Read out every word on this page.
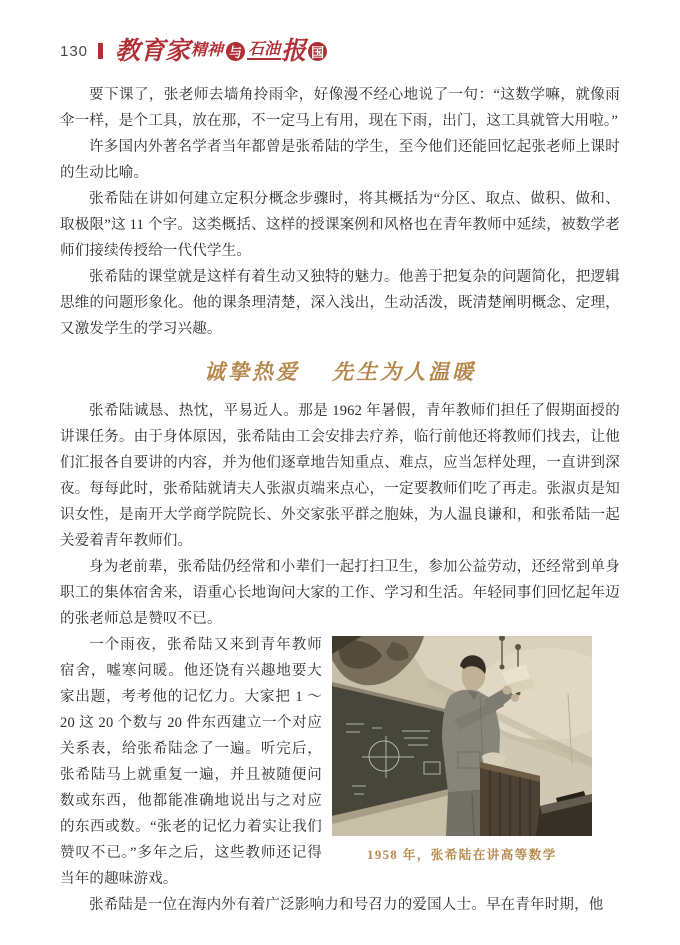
130 教育家 精神 与 石油 报 国

要下课了，张老师去墙角拎雨伞，好像漫不经心地说了一句：“这数学嘛，就像雨伞一样，是个工具，放在那，不一定马上有用，现在下雨，出门，这工具就管大用啦。”

许多国内外著名学者当年都曾是张希陆的学生，至今他们还能回忆起张老师上课时的生动比喻。

张希陆在讲如何建立定积分概念步骤时，将其概括为“分区、取点、做积、做和、取极限”这 11 个字。这类概括、这样的授课案例和风格也在青年教师中延续，被数学老师们接续传授给一代代学生。

张希陆的课堂就是这样有着生动又独特的魅力。他善于把复杂的问题简化，把逻辑思维的问题形象化。他的课条理清楚，深入浅出，生动活泼，既清楚阐明概念、定理，又激发学生的学习兴趣。

诚挚热爱　 先生为人温暖

张希陆诚恳、热忱，平易近人。那是 1962 年暑假，青年教师们担任了假期面授的讲课任务。由于身体原因，张希陆由工会安排去疗养，临行前他还将教师们找去，让他们汇报各自要讲的内容，并为他们逐章地告知重点、难点，应当怎样处理，一直讲到深夜。每每此时，张希陆就请夫人张淑贞端来点心，一定要教师们吃了再走。张淑贞是知识女性，是南开大学商学院院长、外交家张平群之胞妹，为人温良谦和，和张希陆一起关爱着青年教师们。

身为老前辈，张希陆仍经常和小辈们一起打扫卫生，参加公益劳动，还经常到单身职工的集体宿舍来，语重心长地询问大家的工作、学习和生活。年轻同事们回忆起年迈的张老师总是赞叹不已。

1958 年，张希陆在讲高等数学

一个雨夜，张希陆又来到青年教师宿舍，嘘寒问暖。他还饶有兴趣地要大家出题，考考他的记忆力。大家把 1 ～ 20 这 20 个数与 20 件东西建立一个对应关系表，给张希陆念了一遍。听完后，张希陆马上就重复一遍，并且被随便问数或东西，他都能准确地说出与之对应的东西或数。“张老的记忆力着实让我们赞叹不已。”多年之后，这些教师还记得当年的趣味游戏。

张希陆是一位在海内外有着广泛影响力和号召力的爱国人士。早在青年时期，他
